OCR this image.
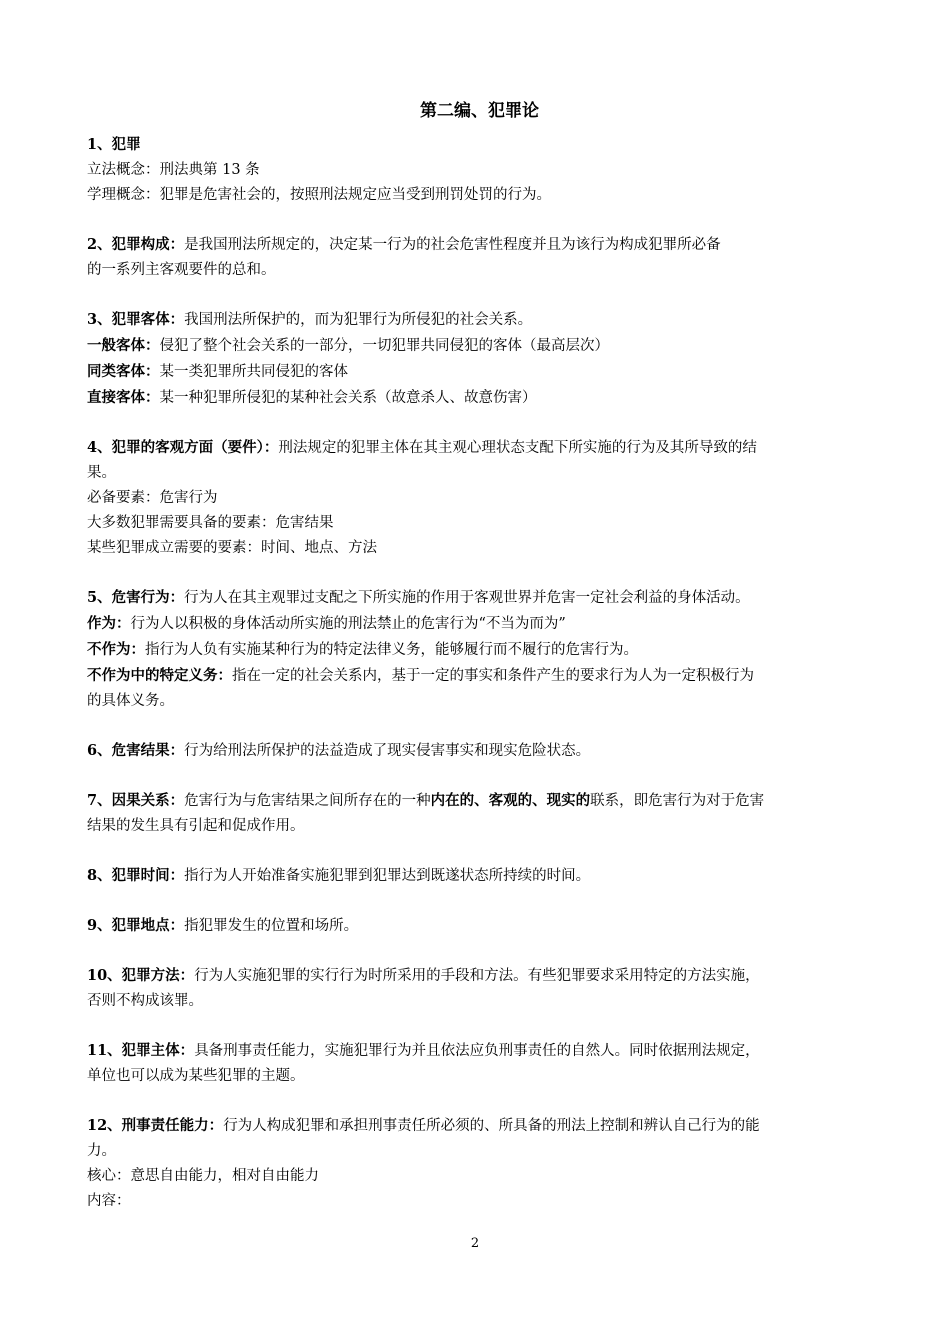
第二编、犯罪论

1、犯罪

立法概念：刑法典第 13 条

学理概念：犯罪是危害社会的，按照刑法规定应当受到刑罚处罚的行为。

2、犯罪构成：是我国刑法所规定的，决定某一行为的社会危害性程度并且为该行为构成犯罪所必备

的一系列主客观要件的总和。

3、犯罪客体：我国刑法所保护的，而为犯罪行为所侵犯的社会关系。

一般客体：侵犯了整个社会关系的一部分，一切犯罪共同侵犯的客体（最高层次）

同类客体：某一类犯罪所共同侵犯的客体

直接客体：某一种犯罪所侵犯的某种社会关系（故意杀人、故意伤害）

4、犯罪的客观方面（要件）：刑法规定的犯罪主体在其主观心理状态支配下所实施的行为及其所导致的结

果。

必备要素：危害行为

大多数犯罪需要具备的要素：危害结果

某些犯罪成立需要的要素：时间、地点、方法

5、危害行为：行为人在其主观罪过支配之下所实施的作用于客观世界并危害一定社会利益的身体活动。

作为：行为人以积极的身体活动所实施的刑法禁止的危害行为“不当为而为”

不作为：指行为人负有实施某种行为的特定法律义务，能够履行而不履行的危害行为。

不作为中的特定义务：指在一定的社会关系内，基于一定的事实和条件产生的要求行为人为一定积极行为

的具体义务。

6、危害结果：行为给刑法所保护的法益造成了现实侵害事实和现实危险状态。

7、因果关系：危害行为与危害结果之间所存在的一种内在的、客观的、现实的联系，即危害行为对于危害

结果的发生具有引起和促成作用。

8、犯罪时间：指行为人开始准备实施犯罪到犯罪达到既遂状态所持续的时间。

9、犯罪地点：指犯罪发生的位置和场所。

10、犯罪方法：行为人实施犯罪的实行行为时所采用的手段和方法。有些犯罪要求采用特定的方法实施，

否则不构成该罪。

11、犯罪主体：具备刑事责任能力，实施犯罪行为并且依法应负刑事责任的自然人。同时依据刑法规定，

单位也可以成为某些犯罪的主题。

12、刑事责任能力：行为人构成犯罪和承担刑事责任所必须的、所具备的刑法上控制和辨认自己行为的能

力。

核心：意思自由能力，相对自由能力

内容：

2
